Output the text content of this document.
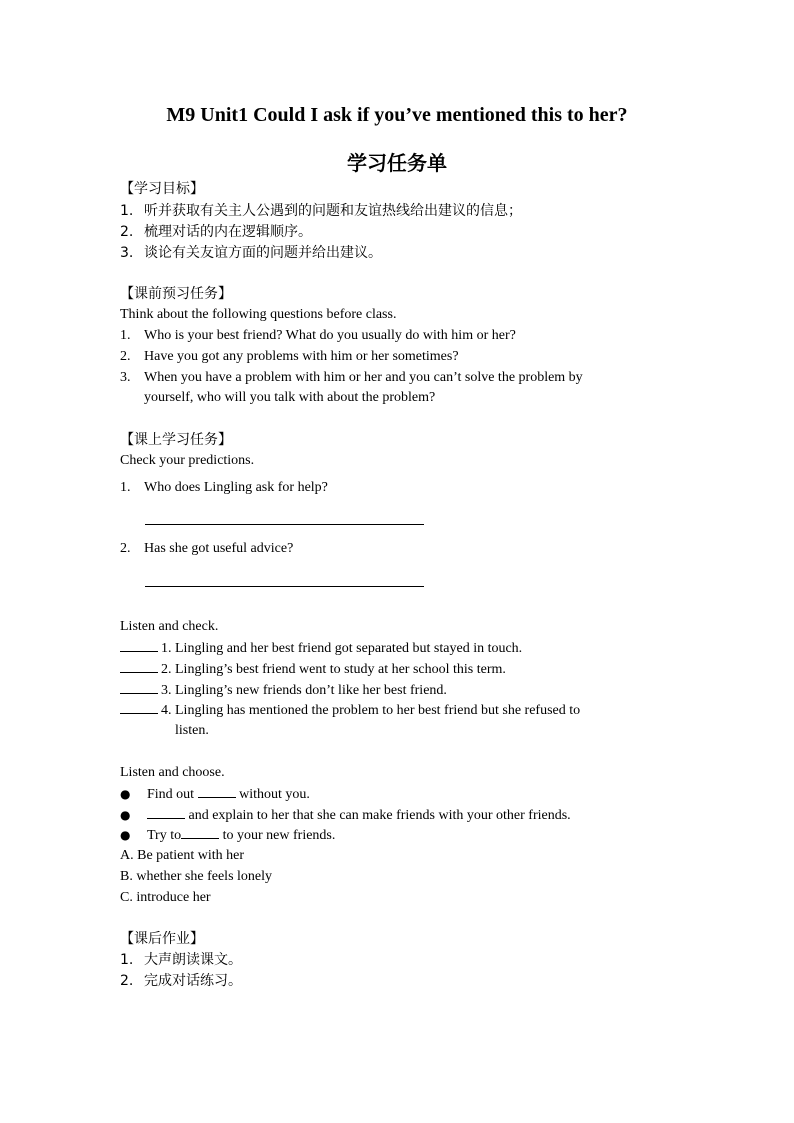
M9 Unit1 Could I ask if you’ve mentioned this to her?
学习任务单
【学习目标】
1. 听并获取有关主人公遇到的问题和友谊热线给出建议的信息；
2. 梳理对话的内在逻辑顺序。
3. 谈论有关友谊方面的问题并给出建议。
【课前预习任务】
Think about the following questions before class.
1. Who is your best friend? What do you usually do with him or her?
2. Have you got any problems with him or her sometimes?
3. When you have a problem with him or her and you can’t solve the problem by
yourself, who will you talk with about the problem?
【课上学习任务】
Check your predictions.
1. Who does Lingling ask for help?
2. Has she got useful advice?
Listen and check.
1. Lingling and her best friend got separated but stayed in touch.
2. Lingling’s best friend went to study at her school this term.
3. Lingling’s new friends don’t like her best friend.
4. Lingling has mentioned the problem to her best friend but she refused to
listen.
Listen and choose.
● Find out	without you.
●	and explain to her that she can make friends with your other friends.
● Try to	to your new friends.
A. Be patient with her
B. whether she feels lonely
C. introduce her
【课后作业】
1. 大声朗读课文。
2. 完成对话练习。
